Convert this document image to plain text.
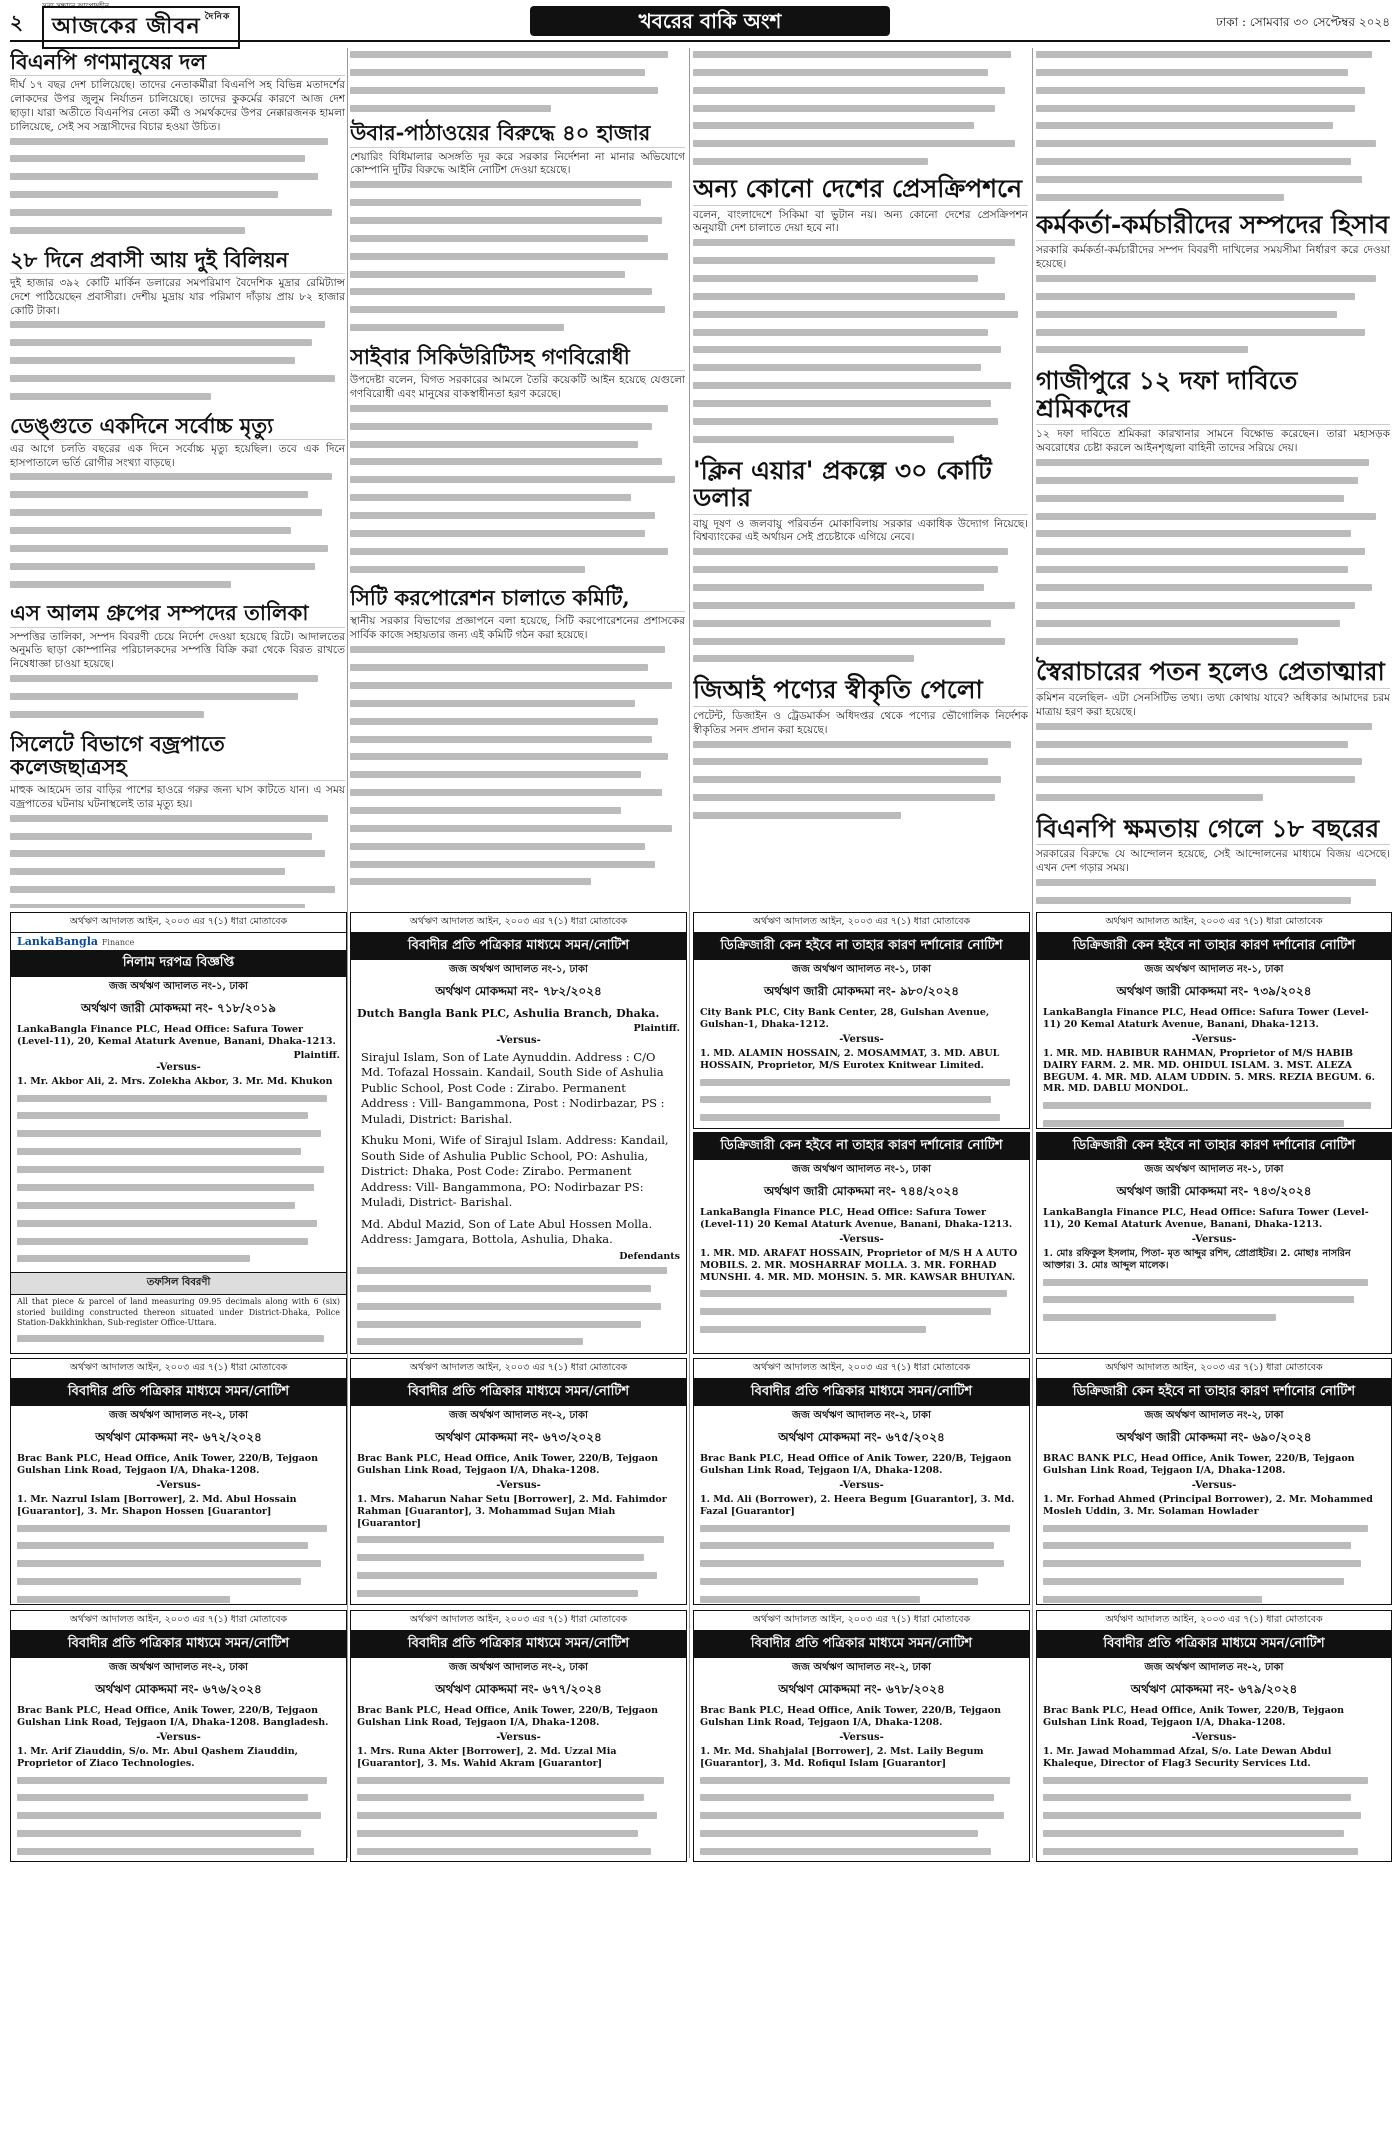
২	আজকের জীবন $^{দৈনিক}$
সত্য সন্ধানে আপোষহীন
খবরের বাকি অংশ	ঢাকা : সোমবার ৩০ সেপ্টেম্বর ২০২৪
বিএনপি গণমানুষের দল
দীর্ঘ ১৭ বছর দেশ চালিয়েছে। তাদের নেতাকর্মীরা বিএনপি সহ বিভিন্ন মতাদর্শের লোকদের উপর জুলুম নির্যাতন চালিয়েছে। তাদের কুকর্মের কারণে আজ দেশ ছাড়া। যারা অতীতে বিএনপির নেতা কর্মী ও সমর্থকদের উপর নেক্কারজনক হামলা চালিয়েছে, সেই সব সন্ত্রাসীদের বিচার হওয়া উচিত।
২৮ দিনে প্রবাসী আয় দুই বিলিয়ন
দুই হাজার ৩৯২ কোটি মার্কিন ডলারের সমপরিমাণ বৈদেশিক মুদ্রার রেমিট্যান্স দেশে পাঠিয়েছেন প্রবাসীরা। দেশীয় মুদ্রায় যার পরিমাণ দাঁড়ায় প্রায় ৮২ হাজার কোটি টাকা।
ডেঙ্গুতে একদিনে সর্বোচ্চ মৃত্যু
এর আগে চলতি বছরের এক দিনে সর্বোচ্চ মৃত্যু হয়েছিল। তবে এক দিনে হাসপাতালে ভর্তি রোগীর সংখ্যা বাড়ছে।
এস আলম গ্রুপের সম্পদের তালিকা
সম্পত্তির তালিকা, সম্পদ বিবরণী চেয়ে নির্দেশ দেওয়া হয়েছে রিটে। আদালতের অনুমতি ছাড়া কোম্পানির পরিচালকদের সম্পত্তি বিক্রি করা থেকে বিরত রাখতে নিষেধাজ্ঞা চাওয়া হয়েছে।
সিলেটে বিভাগে বজ্রপাতে কলেজছাত্রসহ
মাহুক আহমেদ তার বাড়ির পাশের হাওরে গরুর জন্য ঘাস কাটতে যান। এ সময় বজ্রপাতের ঘটনায় ঘটনাস্থলেই তার মৃত্যু হয়।
উবার-পাঠাওয়ের বিরুদ্ধে ৪০ হাজার
শেয়ারিং বিধিমালার অসঙ্গতি দূর করে সরকার নির্দেশনা না মানার অভিযোগে কোম্পানি দুটির বিরুদ্ধে আইনি নোটিশ দেওয়া হয়েছে।
সাইবার সিকিউরিটিসহ গণবিরোধী
উপদেষ্টা বলেন, বিগত সরকারের আমলে তৈরি কয়েকটি আইন হয়েছে যেগুলো গণবিরোধী এবং মানুষের বাকস্বাধীনতা হরণ করেছে।
সিটি করপোরেশন চালাতে কমিটি,
স্থানীয় সরকার বিভাগের প্রজ্ঞাপনে বলা হয়েছে, সিটি করপোরেশনের প্রশাসকের সার্বিক কাজে সহায়তার জন্য এই কমিটি গঠন করা হয়েছে।
অন্য কোনো দেশের প্রেসক্রিপশনে
বলেন, বাংলাদেশে সিকিমা বা ভুটান নয়। অন্য কোনো দেশের প্রেসক্রিপশন অনুযায়ী দেশ চালাতে দেয়া হবে না।
'ক্লিন এয়ার' প্রকল্পে ৩০ কোটি ডলার
বায়ু দূষণ ও জলবায়ু পরিবর্তন মোকাবিলায় সরকার একাধিক উদ্যোগ নিয়েছে। বিশ্বব্যাংকের এই অর্থায়ন সেই প্রচেষ্টাকে এগিয়ে নেবে।
জিআই পণ্যের স্বীকৃতি পেলো
পেটেন্ট, ডিজাইন ও ট্রেডমার্কস অধিদপ্তর থেকে পণ্যের ভৌগোলিক নির্দেশক স্বীকৃতির সনদ প্রদান করা হয়েছে।
কর্মকর্তা-কর্মচারীদের সম্পদের হিসাব
সরকারি কর্মকর্তা-কর্মচারীদের সম্পদ বিবরণী দাখিলের সময়সীমা নির্ধারণ করে দেওয়া হয়েছে।
গাজীপুরে ১২ দফা দাবিতে শ্রমিকদের
১২ দফা দাবিতে শ্রমিকরা কারখানার সামনে বিক্ষোভ করেছেন। তারা মহাসড়ক অবরোধের চেষ্টা করলে আইনশৃঙ্খলা বাহিনী তাদের সরিয়ে দেয়।
স্বৈরাচারের পতন হলেও প্রেতাত্মারা
কমিশন বলেছিল- এটা সেনসিটিভ তথ্য। তথ্য কোথায় যাবে? অধিকার আমাদের চরম মাত্রায় হরণ করা হয়েছে।
বিএনপি ক্ষমতায় গেলে ১৮ বছরের
সরকারের বিরুদ্ধে যে আন্দোলন হয়েছে, সেই আন্দোলনের মাধ্যমে বিজয় এসেছে। এখন দেশ গড়ার সময়।
অর্থঋণ আদালত আইন, ২০০৩ এর ৭(১) ধারা মোতাবেক
LankaBangla Finance
নিলাম দরপত্র বিজ্ঞপ্তি
জজ অর্থঋণ আদালত নং-১, ঢাকা
অর্থঋণ জারী মোকদ্দমা নং- ৭১৮/২০১৯
LankaBangla Finance PLC, Head Office: Safura Tower (Level-11), 20, Kemal Ataturk Avenue, Banani, Dhaka-1213.
Plaintiff.
-Versus-
1. Mr. Akbor Ali, 2. Mrs. Zolekha Akbor, 3. Mr. Md. Khukon
তফসিল বিবরণী
All that piece & parcel of land measuring 09.95 decimals along with 6 (six) storied building constructed thereon situated under District-Dhaka, Police Station-Dakkhinkhan, Sub-register Office-Uttara.
অর্থঋণ আদালত আইন, ২০০৩ এর ৭(১) ধারা মোতাবেক
বিবাদীর প্রতি পত্রিকার মাধ্যমে সমন/নোটিশ
জজ অর্থঋণ আদালত নং-১, ঢাকা
অর্থঋণ মোকদ্দমা নং- ৭৮২/২০২৪
Dutch Bangla Bank PLC, Ashulia Branch, Dhaka.
Plaintiff.
-Versus-
Sirajul Islam, Son of Late Aynuddin. Address : C/O Md. Tofazal Hossain. Kandail, South Side of Ashulia Public School, Post Code : Zirabo. Permanent Address : Vill- Bangammona, Post : Nodirbazar, PS : Muladi, District: Barishal.
Khuku Moni, Wife of Sirajul Islam. Address: Kandail, South Side of Ashulia Public School, PO: Ashulia, District: Dhaka, Post Code: Zirabo. Permanent Address: Vill- Bangammona, PO: Nodirbazar PS: Muladi, District- Barishal.
Md. Abdul Mazid, Son of Late Abul Hossen Molla. Address: Jamgara, Bottola, Ashulia, Dhaka.
Defendants
অর্থঋণ আদালত আইন, ২০০৩ এর ৭(১) ধারা মোতাবেক
ডিক্রিজারী কেন হইবে না তাহার কারণ দর্শানোর নোটিশ
জজ অর্থঋণ আদালত নং-১, ঢাকা
অর্থঋণ জারী মোকদ্দমা নং- ৯৮০/২০২৪
City Bank PLC, City Bank Center, 28, Gulshan Avenue, Gulshan-1, Dhaka-1212.
-Versus-
1. MD. ALAMIN HOSSAIN, 2. MOSAMMAT, 3. MD. ABUL HOSSAIN, Proprietor, M/S Eurotex Knitwear Limited.
ডিক্রিজারী কেন হইবে না তাহার কারণ দর্শানোর নোটিশ
জজ অর্থঋণ আদালত নং-১, ঢাকা
অর্থঋণ জারী মোকদ্দমা নং- ৭৪৪/২০২৪
LankaBangla Finance PLC, Head Office: Safura Tower (Level-11) 20 Kemal Ataturk Avenue, Banani, Dhaka-1213.
-Versus-
1. MR. MD. ARAFAT HOSSAIN, Proprietor of M/S H A AUTO MOBILS. 2. MR. MOSHARRAF MOLLA. 3. MR. FORHAD MUNSHI. 4. MR. MD. MOHSIN. 5. MR. KAWSAR BHUIYAN.
অর্থঋণ আদালত আইন, ২০০৩ এর ৭(১) ধারা মোতাবেক
ডিক্রিজারী কেন হইবে না তাহার কারণ দর্শানোর নোটিশ
জজ অর্থঋণ আদালত নং-১, ঢাকা
অর্থঋণ জারী মোকদ্দমা নং- ৭৩৯/২০২৪
LankaBangla Finance PLC, Head Office: Safura Tower (Level-11) 20 Kemal Ataturk Avenue, Banani, Dhaka-1213.
-Versus-
1. MR. MD. HABIBUR RAHMAN, Proprietor of M/S HABIB DAIRY FARM. 2. MR. MD. OHIDUL ISLAM. 3. MST. ALEZA BEGUM. 4. MR. MD. ALAM UDDIN. 5. MRS. REZIA BEGUM. 6. MR. MD. DABLU MONDOL.
ডিক্রিজারী কেন হইবে না তাহার কারণ দর্শানোর নোটিশ
জজ অর্থঋণ আদালত নং-১, ঢাকা
অর্থঋণ জারী মোকদ্দমা নং- ৭৪৩/২০২৪
LankaBangla Finance PLC, Head Office: Safura Tower (Level-11), 20 Kemal Ataturk Avenue, Banani, Dhaka-1213.
-Versus-
1. মোঃ রফিকুল ইসলাম, পিতা- মৃত আব্দুর রশিদ, প্রোপ্রাইটর। 2. মোছাঃ নাসরিন আক্তার। 3. মোঃ আব্দুল মালেক।
অর্থঋণ আদালত আইন, ২০০৩ এর ৭(১) ধারা মোতাবেক
বিবাদীর প্রতি পত্রিকার মাধ্যমে সমন/নোটিশ
জজ অর্থঋণ আদালত নং-২, ঢাকা
অর্থঋণ মোকদ্দমা নং- ৬৭২/২০২৪
Brac Bank PLC, Head Office, Anik Tower, 220/B, Tejgaon Gulshan Link Road, Tejgaon I/A, Dhaka-1208.
-Versus-
1. Mr. Nazrul Islam [Borrower], 2. Md. Abul Hossain [Guarantor], 3. Mr. Shapon Hossen [Guarantor]
অর্থঋণ আদালত আইন, ২০০৩ এর ৭(১) ধারা মোতাবেক
বিবাদীর প্রতি পত্রিকার মাধ্যমে সমন/নোটিশ
জজ অর্থঋণ আদালত নং-২, ঢাকা
অর্থঋণ মোকদ্দমা নং- ৬৭৩/২০২৪
Brac Bank PLC, Head Office, Anik Tower, 220/B, Tejgaon Gulshan Link Road, Tejgaon I/A, Dhaka-1208.
-Versus-
1. Mrs. Maharun Nahar Setu [Borrower], 2. Md. Fahimdor Rahman [Guarantor], 3. Mohammad Sujan Miah [Guarantor]
অর্থঋণ আদালত আইন, ২০০৩ এর ৭(১) ধারা মোতাবেক
বিবাদীর প্রতি পত্রিকার মাধ্যমে সমন/নোটিশ
জজ অর্থঋণ আদালত নং-২, ঢাকা
অর্থঋণ মোকদ্দমা নং- ৬৭৫/২০২৪
Brac Bank PLC, Head Office of Anik Tower, 220/B, Tejgaon Gulshan Link Road, Tejgaon I/A, Dhaka-1208.
-Versus-
1. Md. Ali (Borrower), 2. Heera Begum [Guarantor], 3. Md. Fazal [Guarantor]
অর্থঋণ আদালত আইন, ২০০৩ এর ৭(১) ধারা মোতাবেক
ডিক্রিজারী কেন হইবে না তাহার কারণ দর্শানোর নোটিশ
জজ অর্থঋণ আদালত নং-২, ঢাকা
অর্থঋণ জারী মোকদ্দমা নং- ৬৯০/২০২৪
BRAC BANK PLC, Head Office, Anik Tower, 220/B, Tejgaon Gulshan Link Road, Tejgaon I/A, Dhaka-1208.
-Versus-
1. Mr. Forhad Ahmed (Principal Borrower), 2. Mr. Mohammed Mosleh Uddin, 3. Mr. Solaman Howlader
অর্থঋণ আদালত আইন, ২০০৩ এর ৭(১) ধারা মোতাবেক
বিবাদীর প্রতি পত্রিকার মাধ্যমে সমন/নোটিশ
জজ অর্থঋণ আদালত নং-২, ঢাকা
অর্থঋণ মোকদ্দমা নং- ৬৭৬/২০২৪
Brac Bank PLC, Head Office, Anik Tower, 220/B, Tejgaon Gulshan Link Road, Tejgaon I/A, Dhaka-1208. Bangladesh.
-Versus-
1. Mr. Arif Ziauddin, S/o. Mr. Abul Qashem Ziauddin, Proprietor of Ziaco Technologies.
অর্থঋণ আদালত আইন, ২০০৩ এর ৭(১) ধারা মোতাবেক
বিবাদীর প্রতি পত্রিকার মাধ্যমে সমন/নোটিশ
জজ অর্থঋণ আদালত নং-২, ঢাকা
অর্থঋণ মোকদ্দমা নং- ৬৭৭/২০২৪
Brac Bank PLC, Head Office, Anik Tower, 220/B, Tejgaon Gulshan Link Road, Tejgaon I/A, Dhaka-1208.
-Versus-
1. Mrs. Runa Akter [Borrower], 2. Md. Uzzal Mia [Guarantor], 3. Ms. Wahid Akram [Guarantor]
অর্থঋণ আদালত আইন, ২০০৩ এর ৭(১) ধারা মোতাবেক
বিবাদীর প্রতি পত্রিকার মাধ্যমে সমন/নোটিশ
জজ অর্থঋণ আদালত নং-২, ঢাকা
অর্থঋণ মোকদ্দমা নং- ৬৭৮/২০২৪
Brac Bank PLC, Head Office, Anik Tower, 220/B, Tejgaon Gulshan Link Road, Tejgaon I/A, Dhaka-1208.
-Versus-
1. Mr. Md. Shahjalal [Borrower], 2. Mst. Laily Begum [Guarantor], 3. Md. Rofiqul Islam [Guarantor]
অর্থঋণ আদালত আইন, ২০০৩ এর ৭(১) ধারা মোতাবেক
বিবাদীর প্রতি পত্রিকার মাধ্যমে সমন/নোটিশ
জজ অর্থঋণ আদালত নং-২, ঢাকা
অর্থঋণ মোকদ্দমা নং- ৬৭৯/২০২৪
Brac Bank PLC, Head Office, Anik Tower, 220/B, Tejgaon Gulshan Link Road, Tejgaon I/A, Dhaka-1208.
-Versus-
1. Mr. Jawad Mohammad Afzal, S/o. Late Dewan Abdul Khaleque, Director of Flag3 Security Services Ltd.
